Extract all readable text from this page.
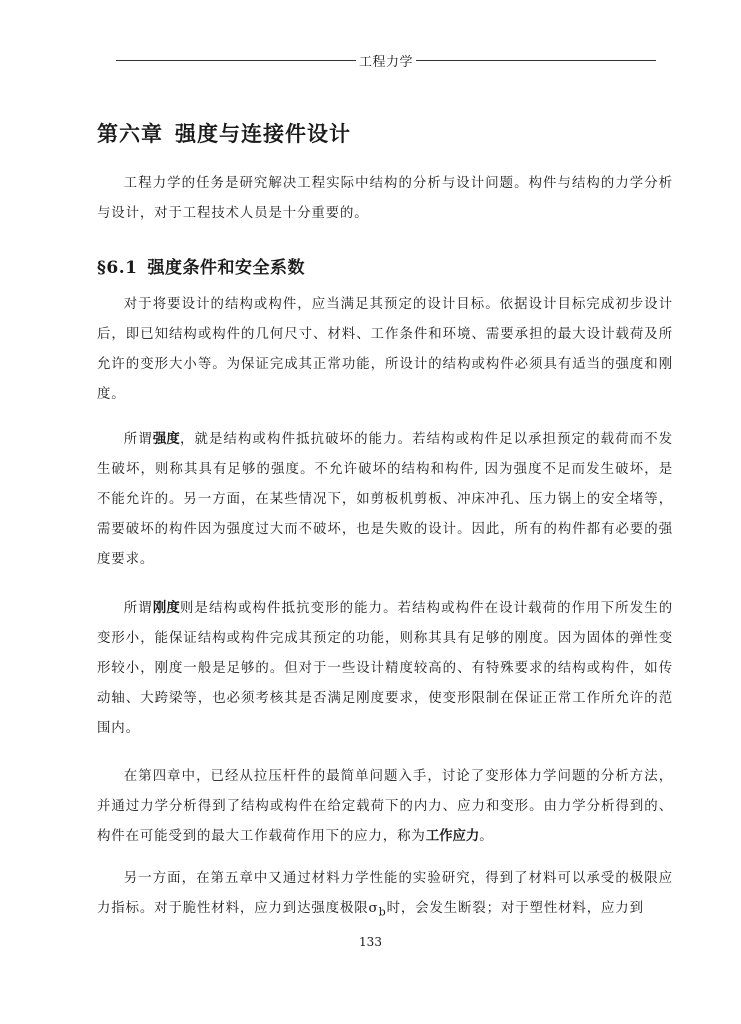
工程力学
第六章 强度与连接件设计

工程力学的任务是研究解决工程实际中结构的分析与设计问题。构件与结构的力学分析与设计，对于工程技术人员是十分重要的。

§6.1 强度条件和安全系数

对于将要设计的结构或构件，应当满足其预定的设计目标。依据设计目标完成初步设计后，即已知结构或构件的几何尺寸、材料、工作条件和环境、需要承担的最大设计载荷及所允许的变形大小等。为保证完成其正常功能，所设计的结构或构件必须具有适当的强度和刚度。

所谓强度，就是结构或构件抵抗破坏的能力。若结构或构件足以承担预定的载荷而不发生破坏，则称其具有足够的强度。不允许破坏的结构和构件, 因为强度不足而发生破坏，是不能允许的。另一方面，在某些情况下，如剪板机剪板、冲床冲孔、压力锅上的安全堵等，需要破坏的构件因为强度过大而不破坏，也是失败的设计。因此，所有的构件都有必要的强度要求。

所谓刚度则是结构或构件抵抗变形的能力。若结构或构件在设计载荷的作用下所发生的变形小，能保证结构或构件完成其预定的功能，则称其具有足够的刚度。因为固体的弹性变形较小，刚度一般是足够的。但对于一些设计精度较高的、有特殊要求的结构或构件，如传动轴、大跨梁等，也必须考核其是否满足刚度要求，使变形限制在保证正常工作所允许的范围内。

在第四章中，已经从拉压杆件的最简单问题入手，讨论了变形体力学问题的分析方法，并通过力学分析得到了结构或构件在给定载荷下的内力、应力和变形。由力学分析得到的、构件在可能受到的最大工作载荷作用下的应力，称为工作应力。

另一方面，在第五章中又通过材料力学性能的实验研究，得到了材料可以承受的极限应力指标。对于脆性材料，应力到达强度极限$\sigma_b$时，会发生断裂；对于塑性材料，应力到

133
